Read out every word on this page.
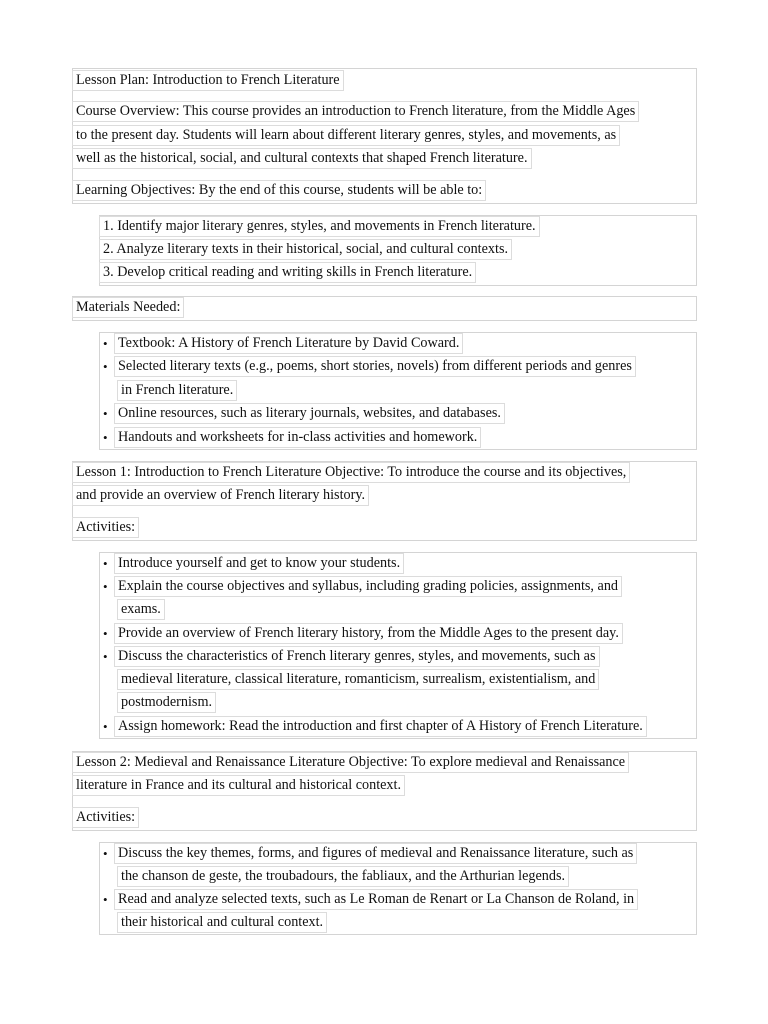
Lesson Plan: Introduction to French Literature
Course Overview: This course provides an introduction to French literature, from the Middle Ages
to the present day. Students will learn about different literary genres, styles, and movements, as
well as the historical, social, and cultural contexts that shaped French literature.
Learning Objectives: By the end of this course, students will be able to:
1. Identify major literary genres, styles, and movements in French literature.
2. Analyze literary texts in their historical, social, and cultural contexts.
3. Develop critical reading and writing skills in French literature.
Materials Needed:
• Textbook: A History of French Literature by David Coward.
• Selected literary texts (e.g., poems, short stories, novels) from different periods and genres
in French literature.
• Online resources, such as literary journals, websites, and databases.
• Handouts and worksheets for in-class activities and homework.
Lesson 1: Introduction to French Literature Objective: To introduce the course and its objectives,
and provide an overview of French literary history.
Activities:
• Introduce yourself and get to know your students.
• Explain the course objectives and syllabus, including grading policies, assignments, and
exams.
• Provide an overview of French literary history, from the Middle Ages to the present day.
• Discuss the characteristics of French literary genres, styles, and movements, such as
medieval literature, classical literature, romanticism, surrealism, existentialism, and
postmodernism.
• Assign homework: Read the introduction and first chapter of A History of French Literature.
Lesson 2: Medieval and Renaissance Literature Objective: To explore medieval and Renaissance
literature in France and its cultural and historical context.
Activities:
• Discuss the key themes, forms, and figures of medieval and Renaissance literature, such as
the chanson de geste, the troubadours, the fabliaux, and the Arthurian legends.
• Read and analyze selected texts, such as Le Roman de Renart or La Chanson de Roland, in
their historical and cultural context.
